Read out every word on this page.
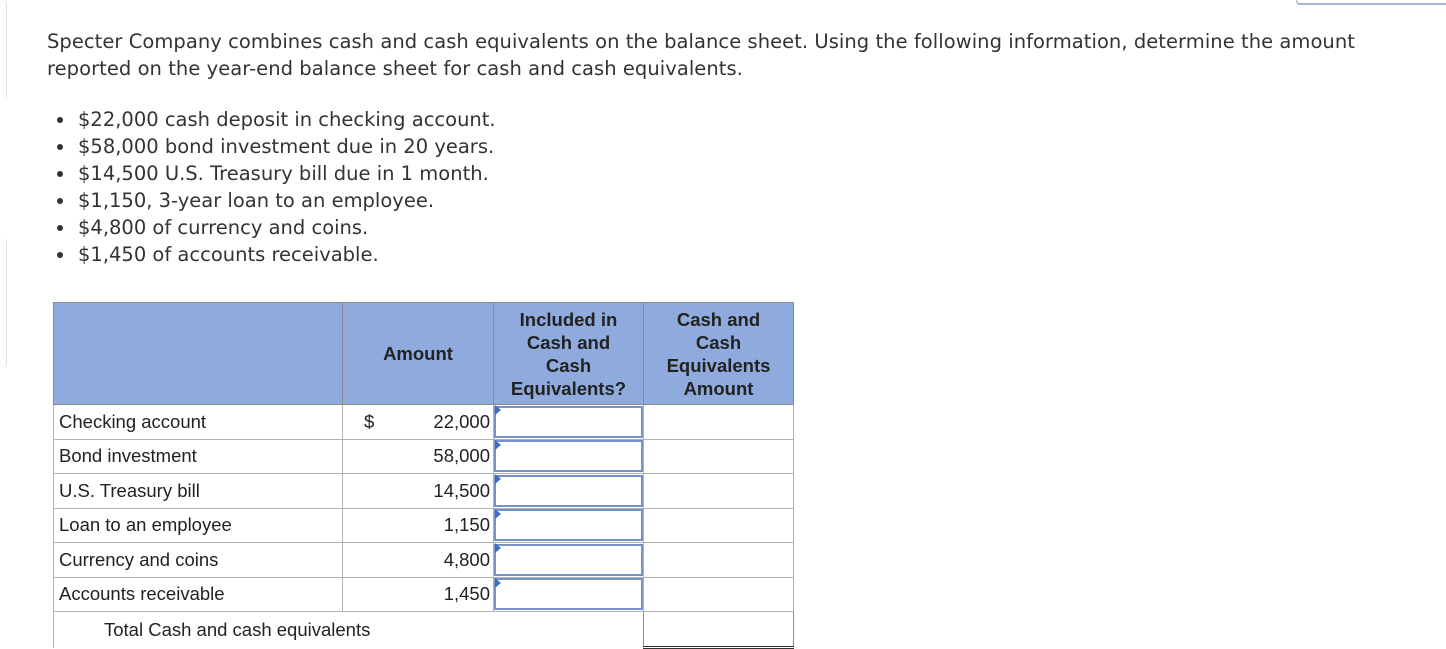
Specter Company combines cash and cash equivalents on the balance sheet. Using the following information, determine the amount reported on the year-end balance sheet for cash and cash equivalents.
$22,000 cash deposit in checking account.
$58,000 bond investment due in 20 years.
$14,500 U.S. Treasury bill due in 1 month.
$1,150, 3-year loan to an employee.
$4,800 of currency and coins.
$1,450 of accounts receivable.
	Amount	Included in Cash and Cash Equivalents?	Cash and Cash Equivalents Amount

Checking account	$ 22,000		

Bond investment	58,000		

U.S. Treasury bill	14,500		

Loan to an employee	1,150		

Currency and coins	4,800		

Accounts receivable	1,450		

Total Cash and cash equivalents			
